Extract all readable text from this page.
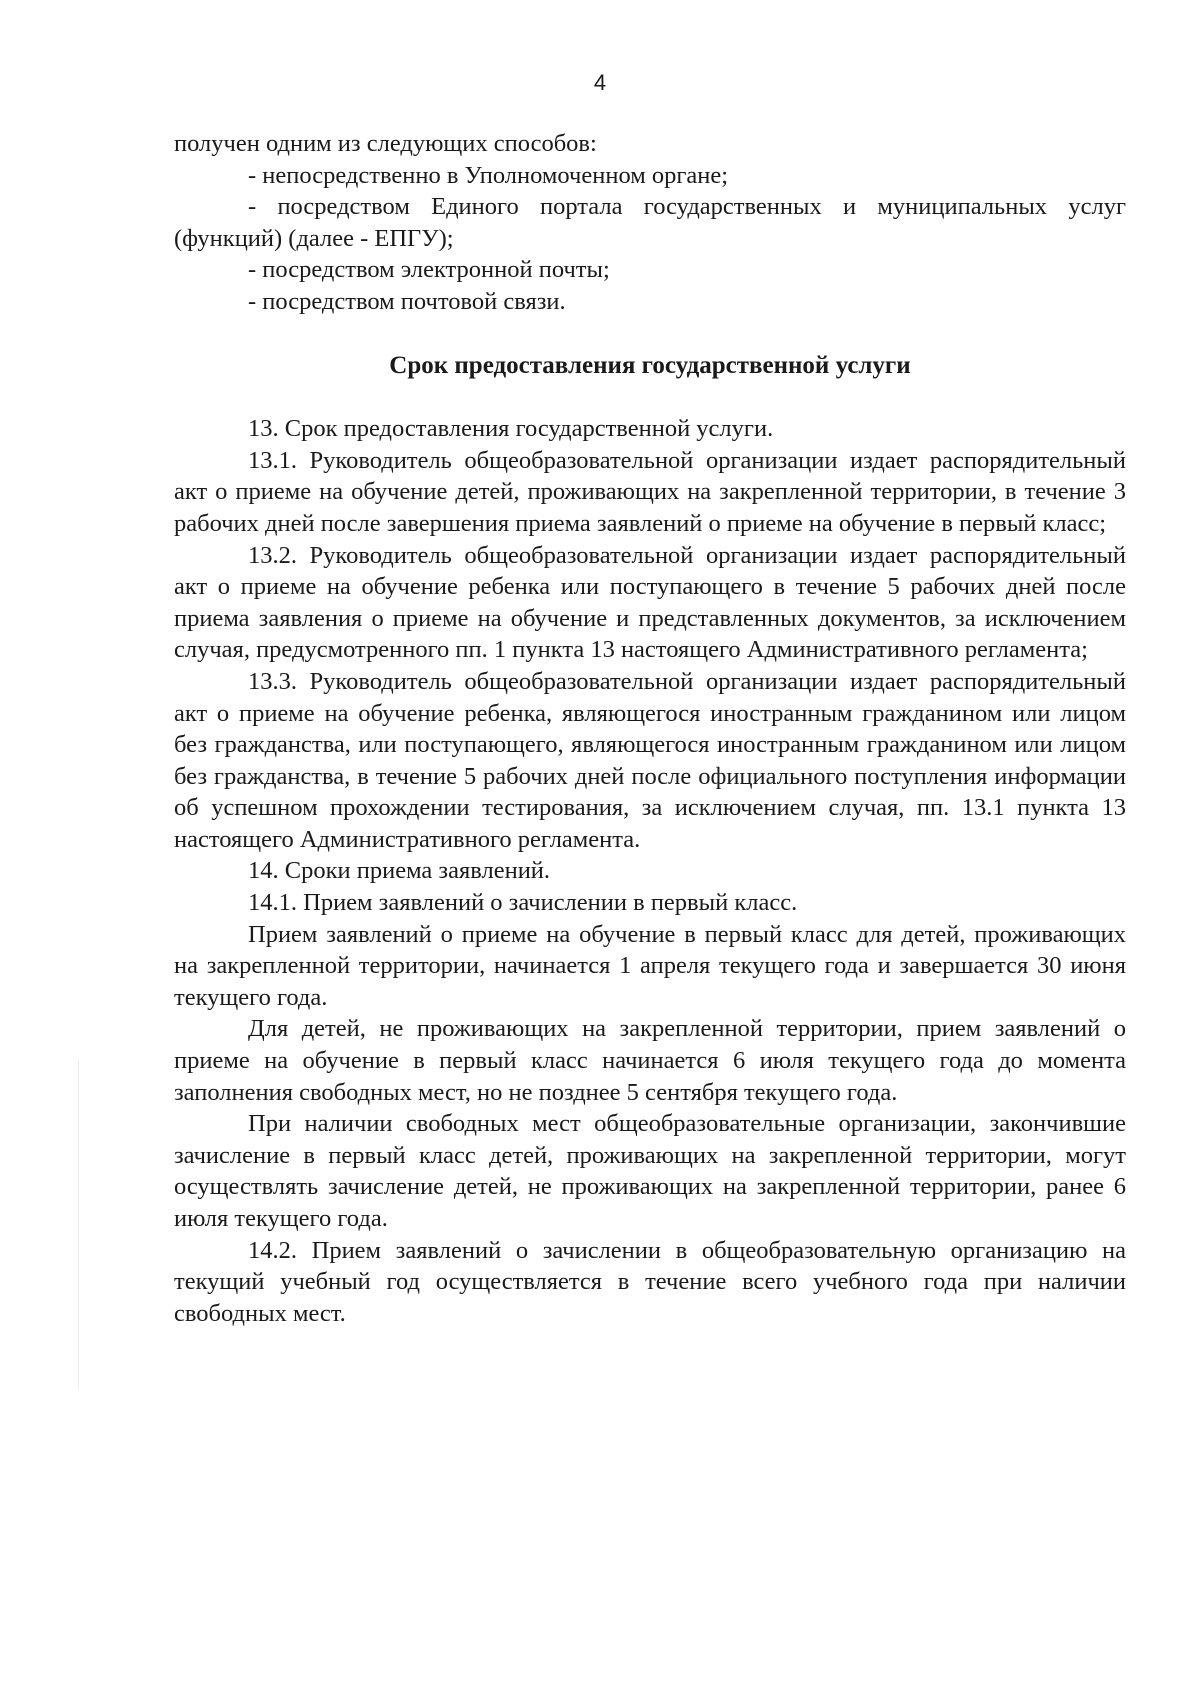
4

получен одним из следующих способов:

- непосредственно в Уполномоченном органе;

- посредством Единого портала государственных и муниципальных услуг (функций) (далее - ЕПГУ);

- посредством электронной почты;

- посредством почтовой связи.

Срок предоставления государственной услуги

13. Срок предоставления государственной услуги.

13.1. Руководитель общеобразовательной организации издает распорядительный акт о приеме на обучение детей, проживающих на закрепленной территории, в течение 3 рабочих дней после завершения приема заявлений о приеме на обучение в первый класс;

13.2. Руководитель общеобразовательной организации издает распорядительный акт о приеме на обучение ребенка или поступающего в течение 5 рабочих дней после приема заявления о приеме на обучение и представленных документов, за исключением случая, предусмотренного пп. 1 пункта 13 настоящего Административного регламента;

13.3. Руководитель общеобразовательной организации издает распорядительный акт о приеме на обучение ребенка, являющегося иностранным гражданином или лицом без гражданства, или поступающего, являющегося иностранным гражданином или лицом без гражданства, в течение 5 рабочих дней после официального поступления информации об успешном прохождении тестирования, за исключением случая, пп. 13.1 пункта 13 настоящего Административного регламента.

14. Сроки приема заявлений.

14.1. Прием заявлений о зачислении в первый класс.

Прием заявлений о приеме на обучение в первый класс для детей, проживающих на закрепленной территории, начинается 1 апреля текущего года и завершается 30 июня текущего года.

Для детей, не проживающих на закрепленной территории, прием заявлений о приеме на обучение в первый класс начинается 6 июля текущего года до момента заполнения свободных мест, но не позднее 5 сентября текущего года.

При наличии свободных мест общеобразовательные организации, закончившие зачисление в первый класс детей, проживающих на закрепленной территории, могут осуществлять зачисление детей, не проживающих на закрепленной территории, ранее 6 июля текущего года.

14.2. Прием заявлений о зачислении в общеобразовательную организацию на текущий учебный год осуществляется в течение всего учебного года при наличии свободных мест.
